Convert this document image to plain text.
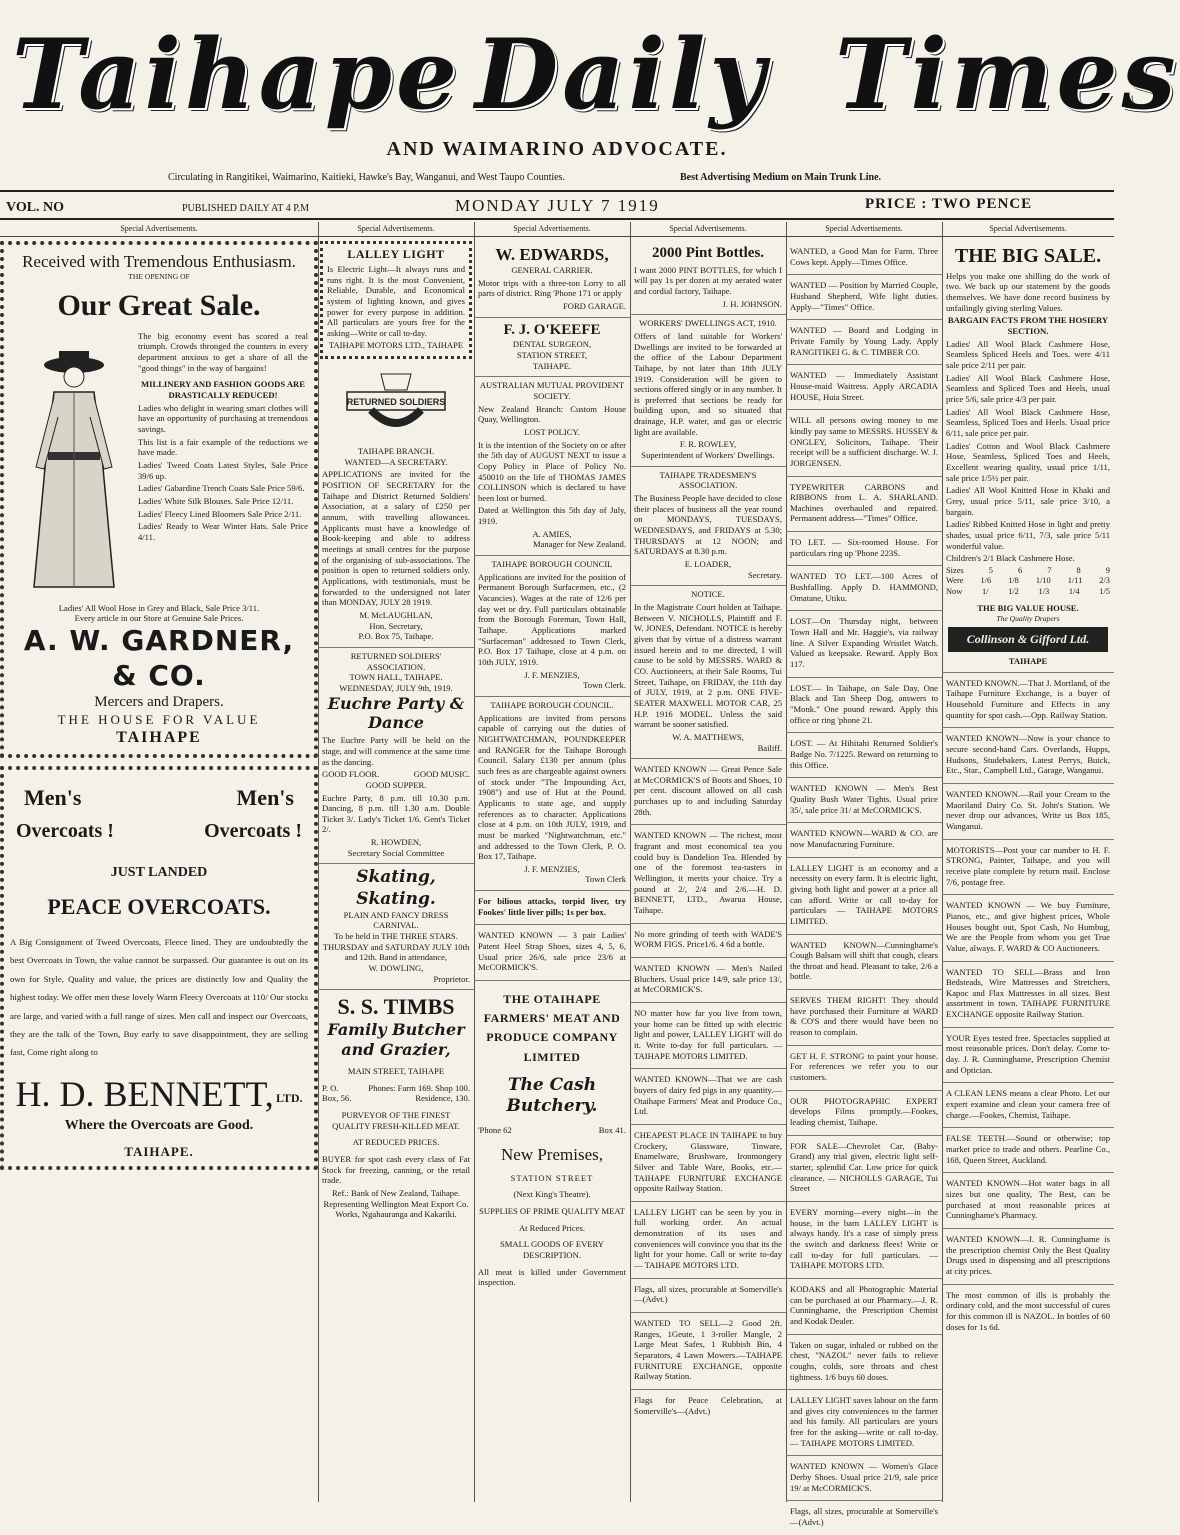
Taihape Daily Times
AND WAIMARINO ADVOCATE.
Circulating in Rangitikei, Waimarino, Kaitieki, Hawke's Bay, Wanganui, and West Taupo Counties.	Best Advertising Medium on Main Trunk Line.
VOL. NO	PUBLISHED DAILY AT 4 P.M	MONDAY JULY 7 1919	PRICE : TWO PENCE
Special Advertisements.
Received with Tremendous Enthusiasm.
THE OPENING OF
Our Great Sale.
The big economy event has scored a real triumph. Crowds thronged the counters in every department anxious to get a share of all the "good things" in the way of bargains!
MILLINERY AND FASHION GOODS ARE DRASTICALLY REDUCED!
Ladies who delight in wearing smart clothes will have an opportunity of purchasing at tremendous savings.
This list is a fair example of the reductions we have made.
Ladies' Tweed Coats Latest Styles, Sale Price 39/6 up.
Ladies' Gabardine Trench Coats Sale Price 59/6.
Ladies' White Silk Blouses. Sale Price 12/11.
Ladies' Fleecy Lined Bloomers Sale Price 2/11.
Ladies' Ready to Wear Winter Hats. Sale Price 4/11.
Ladies' All Wool Hose in Grey and Black, Sale Price 3/11.
Every article in our Store at Genuine Sale Prices.
A. W. GARDNER, & CO.
Mercers and Drapers.
THE HOUSE FOR VALUE
TAIHAPE
Men's	Men's
Overcoats !	Overcoats !
JUST LANDED
PEACE OVERCOATS.
A Big Consignment of Tweed Overcoats, Fleece lined. They are undoubtedly the best Overcoats in Town, the value cannot be surpassed. Our guarantee is out on its own for Style, Quality and value, the prices are distinctly low and Quality the highest today. We offer men these lovely Warm Fleecy Overcoats at 110/ Our stocks are large, and varied with a full range of sizes. Men call and inspect our Overcoats, they are the talk of the Town, Buy early to save disappointment, they are selling fast, Come right along to
H. D. BENNETT, $^{LTD.}$
Where the Overcoats are Good.
TAIHAPE.
Special Advertisements.
LALLEY LIGHT
Is Electric Light—It always runs and runs right. It is the most Convenient, Reliable, Durable, and Economical system of lighting known, and gives power for every purpose in addition. All particulars are yours free for the asking—Write or call to-day.
TAIHAPE MOTORS LTD., TAIHAPE
RETURNED SOLDIERS
TAIHAPE BRANCH.
WANTED—A SECRETARY.
APPLICATIONS are invited for the POSITION OF SECRETARY for the Taihape and District Returned Soldiers' Association, at a salary of £250 per annum, with travelling allowances. Applicants must have a knowledge of Book-keeping and able to address meetings at small centres for the purpose of the organising of sub-associations. The position is open to returned soldiers only. Applications, with testimonials, must be forwarded to the undersigned not later than MONDAY, JULY 28 1919.
M. McLAUGHLAN,
Hon. Secretary,
P.O. Box 75, Taihape.
RETURNED SOLDIERS' ASSOCIATION.
TOWN HALL, TAIHAPE. WEDNESDAY, JULY 9th, 1919.
Euchre Party & Dance
The Euchre Party will be held on the stage, and will commence at the same time as the dancing.
GOOD FLOOR.	GOOD MUSIC.
GOOD SUPPER.
Euchre Party, 8 p.m. till 10.30 p.m. Dancing, 8 p.m. till 1.30 a.m. Double Ticket 3/. Lady's Ticket 1/6. Gent's Ticket 2/.
R. HOWDEN,
Secretary Social Committee
Skating, Skating.
PLAIN AND FANCY DRESS CARNIVAL.
To be held in THE THREE STARS. THURSDAY and SATURDAY JULY 10th and 12th. Band in attendance,
W. DOWLING,
Proprietor.
S. S. TIMBS
Family Butcher and Grazier,
MAIN STREET, TAIHAPE
P. O. Box, 56.
Phones: Farm 169. Shop 100. Residence, 130.
PURVEYOR OF THE FINEST QUALITY FRESH-KILLED MEAT.
AT REDUCED PRICES.
BUYER for spot cash every class of Fat Stock for freezing, canning, or the retail trade.
Ref.: Bank of New Zealand, Taihape. Representing Wellington Meat Export Co. Works, Ngahauranga and Kakariki.
Special Advertisements.
W. EDWARDS,
GENERAL CARRIER.
Motor trips with a three-ton Lorry to all parts of district. Ring 'Phone 171 or apply
FORD GARAGE.
F. J. O'KEEFE
DENTAL SURGEON,
STATION STREET,
TAIHAPE.
AUSTRALIAN MUTUAL PROVIDENT SOCIETY.
New Zealand Branch: Custom House Quay, Wellington.
LOST POLICY.
It is the intention of the Society on or after the 5th day of AUGUST NEXT to issue a Copy Policy in Place of Policy No. 450010 on the life of THOMAS JAMES COLLINSON which is declared to have been lost or burned.
Dated at Wellington this 5th day of July, 1919.
A. AMIES,
Manager for New Zealand.
TAIHAPE BOROUGH COUNCIL
Applications are invited for the position of Permanent Borough Surfacemen, etc., (2 Vacancies). Wages at the rate of 12/6 per day wet or dry. Full particulars obtainable from the Borough Foreman, Town Hall, Taihape. Applications marked "Surfaceman" addressed to Town Clerk, P.O. Box 17 Taihape, close at 4 p.m. on 10th JULY, 1919.
J. F. MENZIES,
Town Clerk.
TAIHAPE BOROUGH COUNCIL.
Applications are invited from persons capable of carrying out the duties of NIGHTWATCHMAN, POUNDKEEPER and RANGER for the Taihape Borough Council. Salary £130 per annum (plus such fees as are chargeable against owners of stock under "The Impounding Act, 1908") and use of Hut at the Pound. Applicants to state age, and supply references as to character. Applications close at 4 p.m. on 10th JULY, 1919, and must be marked "Nightwatchman, etc." and addressed to the Town Clerk, P. O. Box 17, Taihape.
J. F. MENZIES,
Town Clerk
For bilious attacks, torpid liver, try Fookes' little liver pills; 1s per box.
WANTED KNOWN — 3 pair Ladies' Patent Heel Strap Shoes, sizes 4, 5, 6, Usual price 26/6, sale price 23/6 at McCORMICK'S.
THE OTAIHAPE FARMERS' MEAT AND PRODUCE COMPANY LIMITED
The Cash Butchery.
'Phone 62	Box 41.
New Premises,
STATION STREET
(Next King's Theatre).
SUPPLIES OF PRIME QUALITY MEAT
At Reduced Prices.
SMALL GOODS OF EVERY DESCRIPTION.
All meat is killed under Government inspection.
Special Advertisements.
2000 Pint Bottles.
I want 2000 PINT BOTTLES, for which I will pay 1s per dozen at my aerated water and cordial factory, Taihape.
J. H. JOHNSON.
WORKERS' DWELLINGS ACT, 1910.
Offers of land suitable for Workers' Dwellings are invited to be forwarded at the office of the Labour Department Taihape, by not later than 18th JULY 1919. Consideration will be given to sections offered singly or in any number. It is preferred that sections be ready for building upon, and so situated that drainage, H.P. water, and gas or electric light are available.
F. R. ROWLEY,
Superintendent of Workers' Dwellings.
TAIHAPE TRADESMEN'S ASSOCIATION.
The Business People have decided to close their places of business all the year round on MONDAYS, TUESDAYS, WEDNESDAYS, and FRIDAYS at 5.30; THURSDAYS at 12 NOON; and SATURDAYS at 8.30 p.m.
E. LOADER,
Secretary.
NOTICE.
In the Magistrate Court holden at Taihape. Between V. NICHOLLS, Plaintiff and F. W. JONES, Defendant. NOTICE is hereby given that by virtue of a distress warrant issued herein and to me directed, I will cause to be sold by MESSRS. WARD & CO. Auctioneers, at their Sale Rooms, Tui Street, Taihape, on FRIDAY, the 11th day of JULY, 1919, at 2 p.m. ONE FIVE-SEATER MAXWELL MOTOR CAR, 25 H.P. 1916 MODEL. Unless the said warrant be sooner satisfied.
W. A. MATTHEWS,
Bailiff.
WANTED KNOWN — Great Pence Sale at McCORMICK'S of Boots and Shoes, 10 per cent. discount allowed on all cash purchases up to and including Saturday 28th.
WANTED KNOWN — The richest, most fragrant and most economical tea you could buy is Dandelion Tea. Blended by one of the foremost tea-tasters in Wellington, it merits your choice. Try a pound at 2/, 2/4 and 2/6.—H. D. BENNETT, LTD., Awarua House, Taihape.
No more grinding of teeth with WADE'S WORM FIGS. Price1/6. 4 6d a bottle.
WANTED KNOWN — Men's Nailed Bluchers. Usual price 14/9, sale price 13/, at McCORMICK'S.
NO matter how far you live from town, your home can be fitted up with electric light and power, LALLEY LIGHT will do it. Write to-day for full particulars. — TAIHAPE MOTORS LIMITED.
WANTED KNOWN—That we are cash buyers of dairy fed pigs in any quantity.—Otaihape Farmers' Meat and Produce Co., Ltd.
CHEAPEST PLACE IN TAIHAPE to buy Crockery, Glassware, Tinware, Enamelware, Brushware, Ironmongery Silver and Table Ware, Books, etc.—TAIHAPE FURNITURE EXCHANGE opposite Railway Station.
LALLEY LIGHT can be seen by you in full working order. An actual demonstration of its uses and conveniences will convince you that its the light for your home. Call or write to-day — TAIHAPE MOTORS LTD.
Flags, all sizes, procurable at Somerville's—(Advt.)
WANTED TO SELL—2 Good 2ft. Ranges, 1Geute, 1 3-roller Mangle, 2 Large Meat Safes, 1 Rubbish Bin, 4 Separators, 4 Lawn Mowers.—TAIHAPE FURNITURE EXCHANGE, opposite Railway Station.
Flags for Peace Celebration, at Somerville's—(Advt.)
Special Advertisements.
WANTED, a Good Man for Farm. Three Cows kept. Apply—Times Office.
WANTED — Position by Married Couple, Husband Shepherd, Wife light duties. Apply—"Times" Office.
WANTED — Board and Lodging in Private Family by Young Lady. Apply RANGITIKEI G. & C. TIMBER CO.
WANTED — Immediately Assistant House-maid Waitress. Apply ARCADIA HOUSE, Huia Street.
WILL all persons owing money to me kindly pay same to MESSRS. HUSSEY & ONGLEY, Solicitors, Taihape. Their receipt will be a sufficient discharge. W. J. JORGENSEN.
TYPEWRITER CARBONS and RIBBONS from L. A. SHARLAND. Machines overhauled and repaired. Permanent address—"Times" Office.
TO LET. — Six-roomed House. For particulars ring up 'Phone 223S.
WANTED TO LET.—100 Acres of Bushfalling. Apply D. HAMMOND, Omatane, Utiku.
LOST—On Thursday night, between Town Hall and Mr. Haggie's, via railway line. A Silver Expanding Wristlet Watch. Valued as keepsake. Reward. Apply Box 117.
LOST.— In Taihape, on Sale Day, One Black and Tan Sheep Dog, answers to "Monk." One pound reward. Apply this office or ring 'phone 21.
LOST. — At Hihitahi Returned Soldier's Badge No. 7/1225. Reward on returning to this Office.
WANTED KNOWN — Men's Best Quality Bush Water Tights. Usual price 35/, sale price 31/ at McCORMICK'S.
WANTED KNOWN—WARD & CO. are now Manufacturing Furniture.
LALLEY LIGHT is an economy and a necessity on every farm. It is electric light, giving both light and power at a price all can afford. Write or call to-day for particulars — TAIHAPE MOTORS LIMITED.
WANTED KNOWN—Cunninghame's Cough Balsam will shift that cough, clears the throat and head. Pleasant to take, 2/6 a bottle.
SERVES THEM RIGHT! They should have purchased their Furniture at WARD & CO'S and there would have been no reason to complain.
GET H. F. STRONG to paint your house. For references we refer you to our customers.
OUR PHOTOGRAPHIC EXPERT develops Films promptly.—Fookes, leading chemist, Taihape.
FOR SALE—Chevrolet Car, (Baby-Grand) any trial given, electric light self-starter, splendid Car. Low price for quick clearance. — NICHOLLS GARAGE, Tui Street
EVERY morning—every night—in the house, in the barn LALLEY LIGHT is always handy. It's a case of simply press the switch and darkness flees! Write or call to-day for full particulars. — TAIHAPE MOTORS LTD.
KODAKS and all Photographic Material can be purchased at our Pharmacy.—J. R. Cunninghame, the Prescription Chemist and Kodak Dealer.
Taken on sugar, inhaled or rubbed on the chest, "NAZOL" never fails to relieve coughs, colds, sore throats and chest tightness. 1/6 buys 60 doses.
LALLEY LIGHT saves labour on the farm and gives city conveniences to the farmer and his family. All particulars are yours free for the asking—write or call to-day. — TAIHAPE MOTORS LIMITED.
WANTED KNOWN — Women's Glace Derby Shoes. Usual price 21/9, sale price 19/ at McCORMICK'S.
Flags, all sizes, procurable at Somerville's—(Advt.)
Special Advertisements.
THE BIG SALE.
Helps you make one shilling do the work of two. We back up our statement by the goods themselves. We have done record business by unfailingly giving sterling Values.
BARGAIN FACTS FROM THE HOSIERY SECTION.
Ladies' All Wool Black Cashmere Hose, Seamless Spliced Heels and Toes. were 4/11 sale price 2/11 per pair.
Ladies' All Wool Black Cashmere Hose, Seamless and Spliced Toes and Heels, usual price 5/6, sale price 4/3 per pair.
Ladies' All Wool Black Cashmere Hose, Seamless, Spliced Toes and Heels. Usual price 6/11, sale price per pair.
Ladies' Cotton and Wool Black Cashmere Hose, Seamless, Spliced Toes and Heels, Excellent wearing quality, usual price 1/11, sale price 1/5½ per pair.
Ladies' All Wool Knitted Hose in Khaki and Grey, usual price 5/11, sale price 3/10, a bargain.
Ladies' Ribbed Knitted Hose in light and pretty shades, usual price 6/11, 7/3, sale price 5/11 wonderful value.
Children's 2/1 Black Cashmere Hose.
Sizes	5	6	7	8	9
Were 1/6 1/8 1/10 1/11 2/3
Now 1/ 1/2 1/3 1/4 1/5
THE BIG VALUE HOUSE.
The Quality Drapers
Collinson & Gifford Ltd.
TAIHAPE
WANTED KNOWN.—That J. Mortland, of the Taihape Furniture Exchange, is a buyer of Household Furniture and Effects in any quantity for spot cash.—Opp. Railway Station.
WANTED KNOWN—Now is your chance to secure second-hand Cars. Overlands, Hupps, Hudsons, Studebakers, Latest Perrys, Buick, Etc., Star., Campbell Ltd., Garage, Wanganui.
WANTED KNOWN.—Rail your Cream to the Maoriland Dairy Co. St. John's Station. We never drop our advances, Write us Box 185, Wanganui.
MOTORISTS—Post your car number to H. F. STRONG, Painter, Taihape, and you will receive plate complete by return mail. Enclose 7/6, postage free.
WANTED KNOWN — We buy Furniture, Pianos, etc., and give highest prices, Whole Houses bought out, Spot Cash, No Humbug, We are the People from whom you get True Value, always. F. WARD & CO Auctioneers.
WANTED TO SELL—Brass and Iron Bedsteads, Wire Mattresses and Stretchers, Kapoc and Flax Mattresses in all sizes. Best assortment in town. TAIHAPE FURNITURE EXCHANGE opposite Railway Station.
YOUR Eyes tested free. Spectacles supplied at most reasonable prices. Don't delay. Come to-day. J. R. Cunninghame, Prescription Chemist and Optician.
A CLEAN LENS means a clear Photo. Let our expert examine and clean your camera free of charge.—Fookes, Chemist, Taihape.
FALSE TEETH.—Sound or otherwise; top market price to trade and others. Pearline Co., 168, Queen Street, Auckland.
WANTED KNOWN—Hot water bags in all sizes but one quality, The Best, can be purchased at most reasonable prices at Cunninghame's Pharmacy.
WANTED KNOWN—J. R. Cunninghame is the prescription chemist Only the Best Quality Drugs used in dispensing and all prescriptions at city prices.
The most common of ills is probably the ordinary cold, and the most successful of cures for this common ill is NAZOL. In bottles of 60 doses for 1s 6d.
